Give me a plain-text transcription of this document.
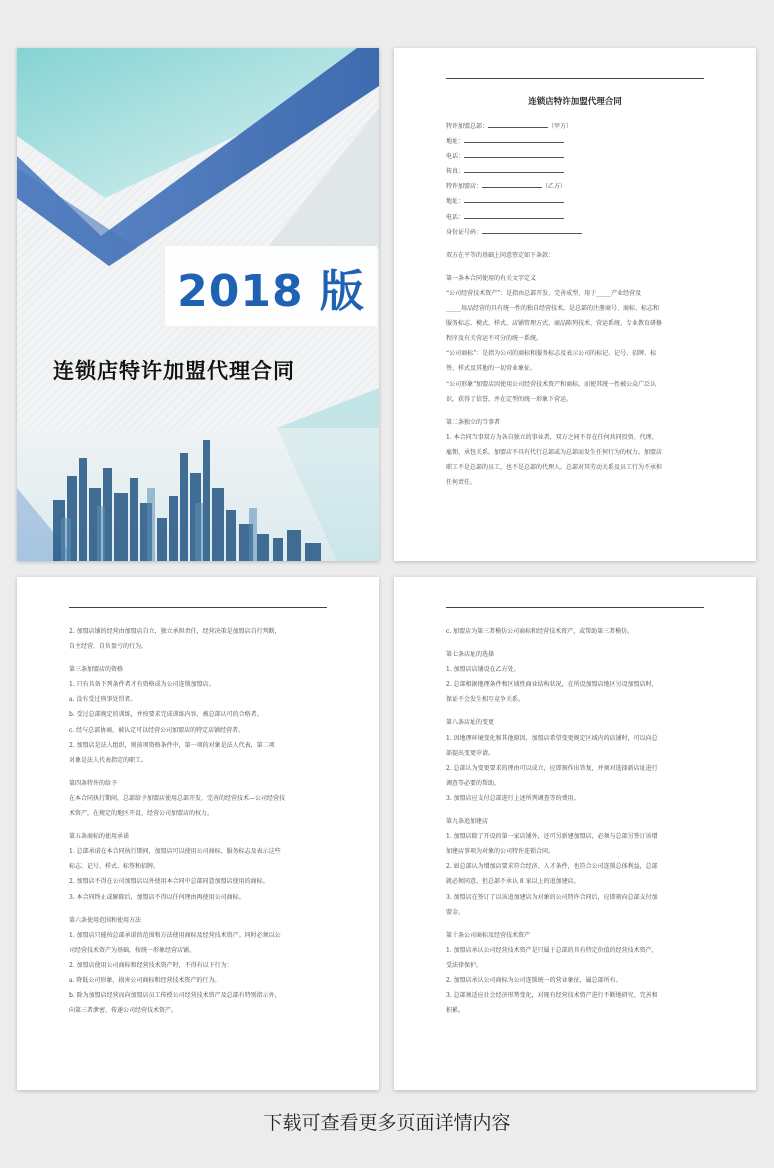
2018 版
连锁店特许加盟代理合同
连锁店特许加盟代理合同
特许加盟总部：	（甲方）
地址：
电话：
传真：
特许加盟店：	（乙方）
地址：
电话：
身份证号码：
双方在平等的基础上同意签定如下条款：
第一条本合同使用的有关文字定义
“公司经营技术资产”：是指由总部开发、完善成型，用于_____产业经营及
_____用品经营的具有统一性的独自经营技术，是总部的注册商号、商标、标志和
服务标志、模式、样式、店铺管理方式、商品陈列技术、营运系统、专业教育研修
程序及有关营运不可分的统一系统。
“公司商标”：是指为公司的商标和服务标志及表示公司的标记、记号、招牌、标
签、样式及其他的一切营业象征。
“公司形象”加盟店因使用公司经营技术资产和商标，而使其统一性被公众广泛认
识，获得了信誉，并在定型的统一形象下营运。
第二条独立的当事者
1. 本合同当事双方为各自独立的事业者，双方之间不存在任何共同投资、代理、
雇佣、承包关系。加盟店不具有代行总部或为总部而发生任何行为的权力。加盟店
职工不是总部的员工，也不是总部的代理人。总部对其劳动关系及员工行为不承担
任何责任。
2. 加盟店铺的经营由加盟店自立，独立承担责任，经营决策是加盟店自行判断，
自主经营、自负盈亏的行为。
第三条加盟店的资格
1. 只有具备下列条件者才有资格成为公司连锁加盟店。
a. 没有受过刑事处罚者。
b. 受过总部规定的训练，并按要求完成训练内容，被总部认可的合格者。
c. 经与总部协商，被认定可以经营公司加盟店的特定店铺经营者。
2. 加盟店是法人组织，则前项资格条件中，第一项的对象是法人代表，第二项
对象是法人代表指定的职工。
第四条特许的给予
在本合同执行期间，总部给予加盟店使用总部开发、完善的经营技术—公司经营技
术资产，在规定的地区开设、经营公司加盟店的权力。
第五条商标的使用承诺
1. 总部承诺在本合同执行期间，加盟店可以使用公司商标、服务标志及表示这些
标志、记号、样式、标签和招牌。
2. 加盟店不得在公司加盟店以外使用本合同中总部同意加盟店使用的商标。
3. 本合同终止或解除后，加盟店不得以任何理由再使用公司商标。
第六条使用范围和使用方法
1. 加盟店只能按总部承诺的范围和方法使用商标及经营技术资产。同时必须以公
司经营技术资产为基础，按统一形象经营店铺。
2. 加盟店使用公司商标和经营技术资产时，不得有以下行为：
a. 降低公司形象，损害公司商标和经营技术资产的行为。
b. 除为加盟店经营而向加盟店员工传授公司经营技术资产及总部有特别指示外，
向第三者泄密、传递公司经营技术资产。
c. 加盟店为第三者模仿公司商标和经营技术资产，或帮助第三者模仿。
第七条店址的选择
1. 加盟店店铺设在乙方处。
2. 总部根据地理条件和区域性商业结构状况，在所设加盟店地区另设加盟店时，
保证不会发生相互竞争关系。
第八条店址的变更
1. 因地理环境变化和其他原因，加盟店希望变更规定区域内的店铺时，可以向总
部提出变更申请。
2. 总部认为变更要求的理由可以成立，应即刻作出答复，并须对选择新店址进行
调查等必要的帮助。
3. 加盟店应支付总部进行上述所列调查等的费用。
第九条追加建店
1. 加盟店除了开设的第一家店铺外，还可另新建加盟店，必须与总部另签订该增
加建店事项为对象的公司特许连锁合同。
2. 如总部认为增加店要求符合经济、人才条件，也符合公司连锁总体利益，总部
就必须同意，但总部不承认 8 家以上的追加建店。
3. 加盟店在签订了以该追加建店为对象的公司特许合同后，应即刻向总部支付加
盟金。
第十条公司商标及经营技术资产
1. 加盟店承认公司经营技术资产是只属于总部的具有特定价值的经营技术资产，
受法律保护。
2. 加盟店承认公司商标为公司连锁统一的营业象征，属总部所有。
3. 总部须适应社会经济形势变化，对现有经营技术资产进行不断地研究、完善和
积累。
下载可查看更多页面详情内容
